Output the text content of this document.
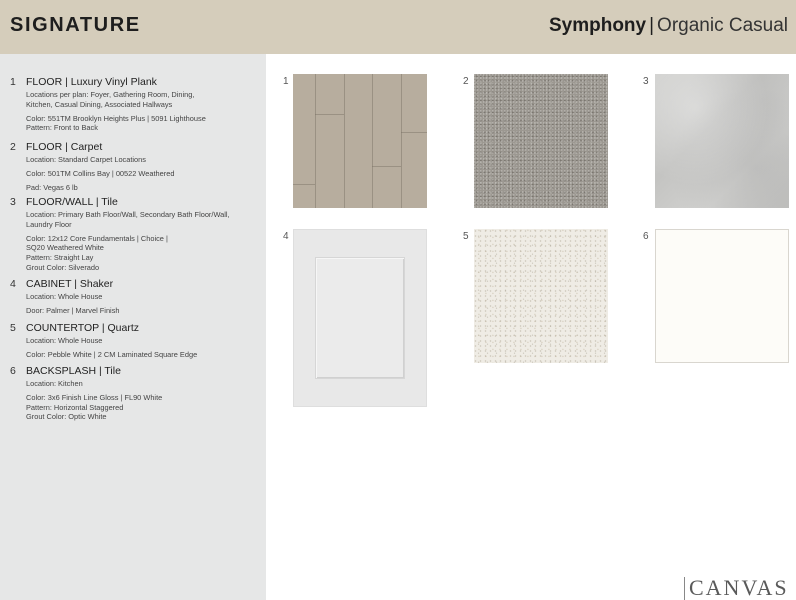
SIGNATURE	Symphony | Organic Casual
1 FLOOR | Luxury Vinyl Plank
Locations per plan: Foyer, Gathering Room, Dining,
Kitchen, Casual Dining, Associated Hallways
Color: 551TM Brooklyn Heights Plus | 5091 Lighthouse
Pattern: Front to Back
2 FLOOR | Carpet
Location: Standard Carpet Locations
Color: 501TM Collins Bay | 00522 Weathered
Pad: Vegas 6 lb
3 FLOOR/WALL | Tile
Location: Primary Bath Floor/Wall, Secondary Bath Floor/Wall,
Laundry Floor
Color: 12x12 Core Fundamentals | Choice |
SQ20 Weathered White
Pattern: Straight Lay
Grout Color: Silverado
4 CABINET | Shaker
Location: Whole House
Door: Palmer | Marvel Finish
5 COUNTERTOP | Quartz
Location: Whole House
Color: Pebble White | 2 CM Laminated Square Edge
6 BACKSPLASH | Tile
Location: Kitchen
Color: 3x6 Finish Line Gloss | FL90 White
Pattern: Horizontal Staggered
Grout Color: Optic White
1	2	3
4	5	6
CANVAS
